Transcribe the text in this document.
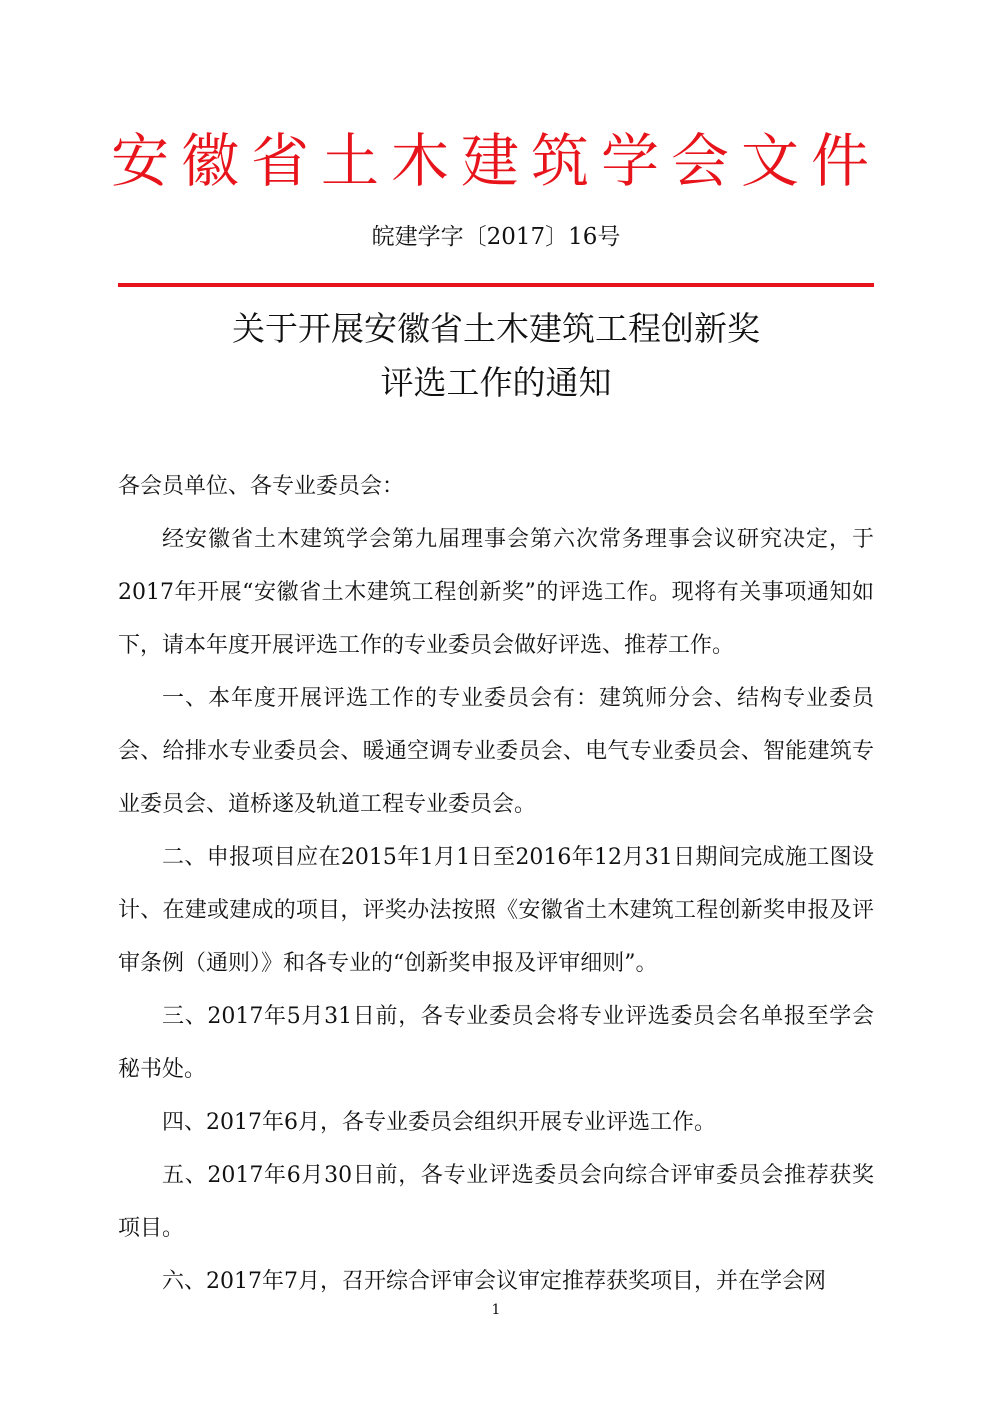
安徽省土木建筑学会文件
皖建学字〔2017〕16号
关于开展安徽省土木建筑工程创新奖
评选工作的通知

各会员单位、各专业委员会：

经安徽省土木建筑学会第九届理事会第六次常务理事会议研究决定，于2017年开展“安徽省土木建筑工程创新奖”的评选工作。现将有关事项通知如下，请本年度开展评选工作的专业委员会做好评选、推荐工作。

一、本年度开展评选工作的专业委员会有：建筑师分会、结构专业委员会、给排水专业委员会、暖通空调专业委员会、电气专业委员会、智能建筑专业委员会、道桥遂及轨道工程专业委员会。

二、申报项目应在2015年1月1日至2016年12月31日期间完成施工图设计、在建或建成的项目，评奖办法按照《安徽省土木建筑工程创新奖申报及评审条例（通则）》和各专业的“创新奖申报及评审细则”。

三、2017年5月31日前，各专业委员会将专业评选委员会名单报至学会秘书处。

四、2017年6月，各专业委员会组织开展专业评选工作。

五、2017年6月30日前，各专业评选委员会向综合评审委员会推荐获奖项目。

六、2017年7月，召开综合评审会议审定推荐获奖项目，并在学会网

1
